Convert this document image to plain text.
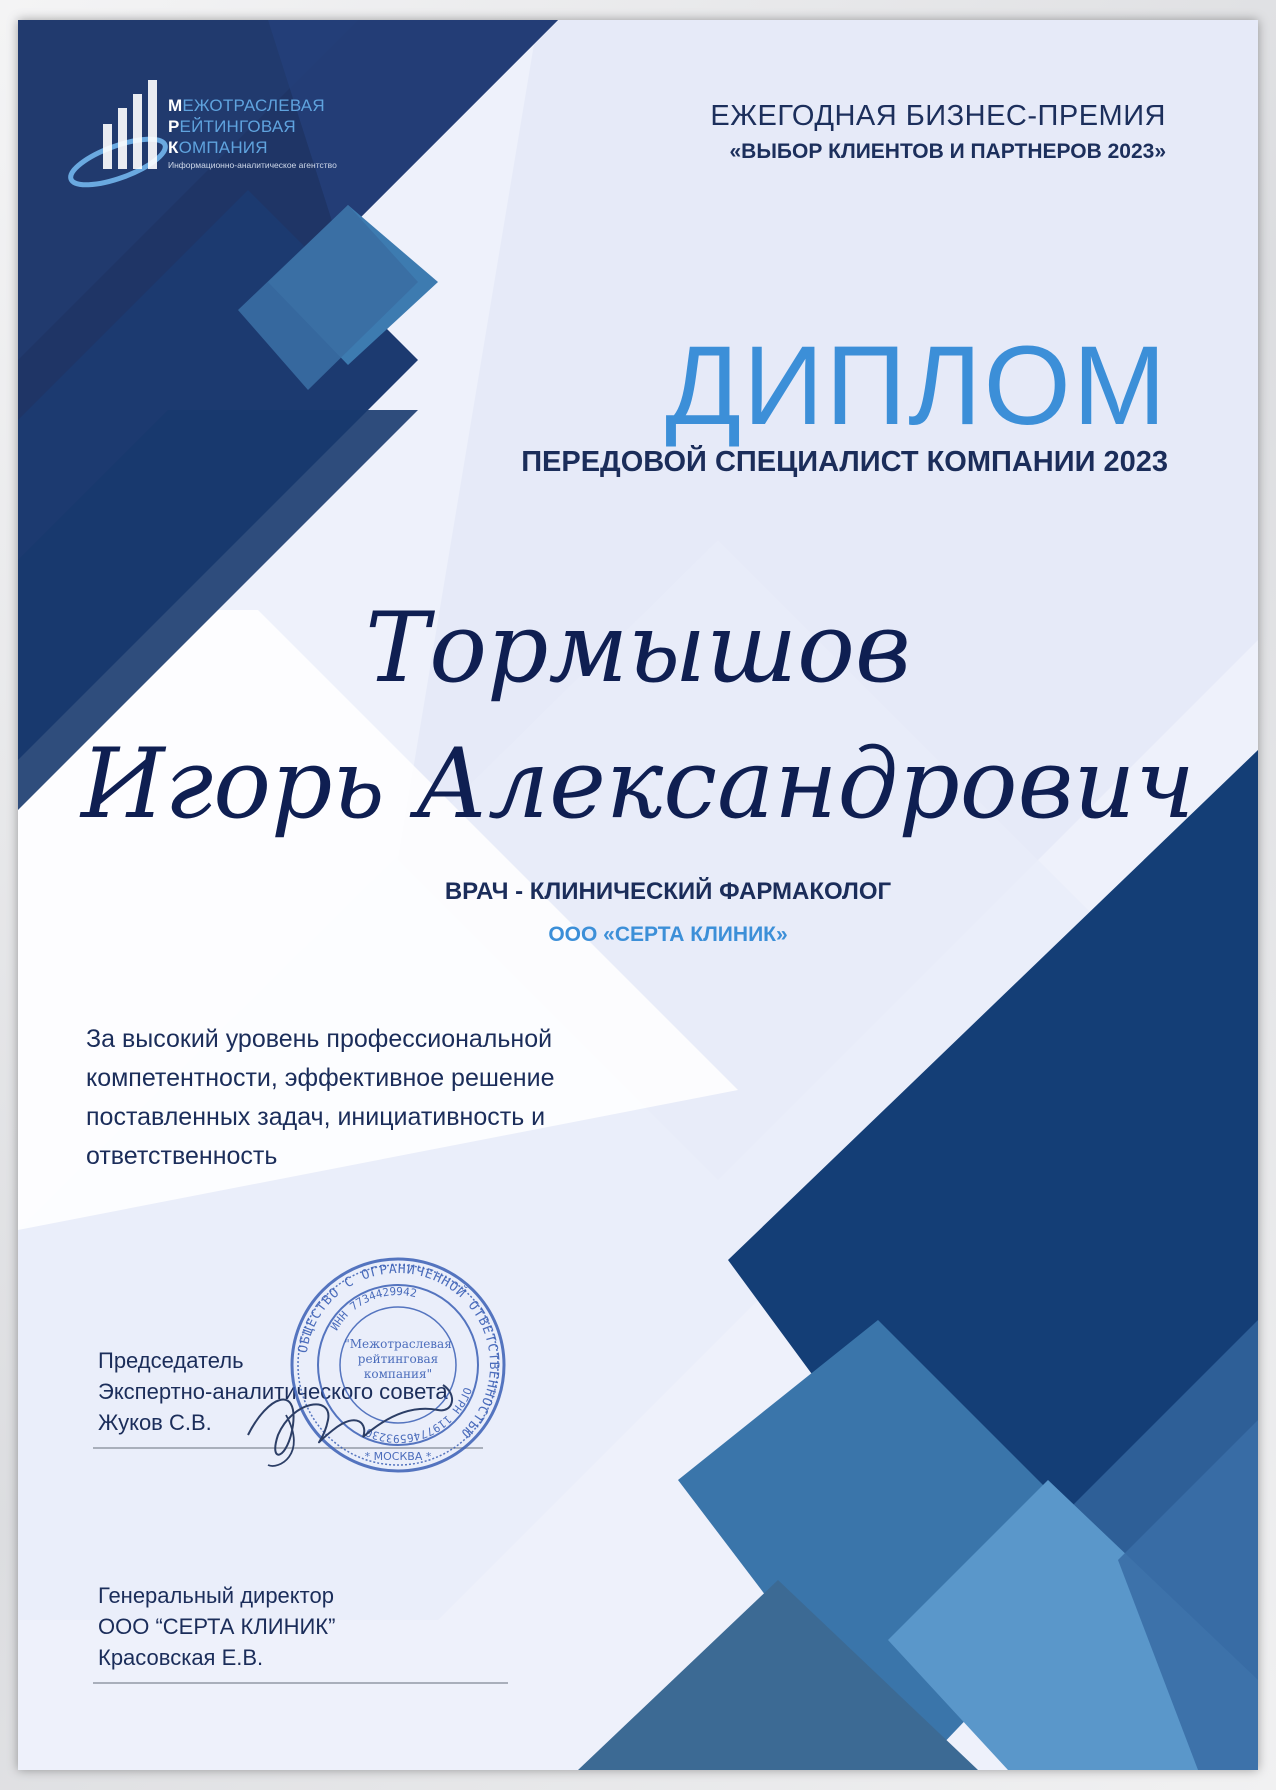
МЕЖОТРАСЛЕВАЯ
РЕЙТИНГОВАЯ
КОМПАНИЯ
Информационно-аналитическое агентство

ЕЖЕГОДНАЯ БИЗНЕС-ПРЕМИЯ

«ВЫБОР КЛИЕНТОВ И ПАРТНЕРОВ 2023»

ДИПЛОМ

ПЕРЕДОВОЙ СПЕЦИАЛИСТ КОМПАНИИ 2023

Тормышов

Игорь Александрович

ВРАЧ - КЛИНИЧЕСКИЙ ФАРМАКОЛОГ

ООО «СЕРТА КЛИНИК»

За высокий уровень профессиональной компетентности, эффективное решение поставленных задач, инициативность и ответственность

Председатель
Экспертно-аналитического совета
Жуков С.В.
ОБЩЕСТВО С ОГРАНИЧЕННОЙ ОТВЕТСТВЕННОСТЬЮ
ОГРН 1197746593230
ИНН 7734429942
* МОСКВА *
"Межотраслевая рейтинговая компания"
Генеральный директор
ООО “СЕРТА КЛИНИК”
Красовская Е.В.
